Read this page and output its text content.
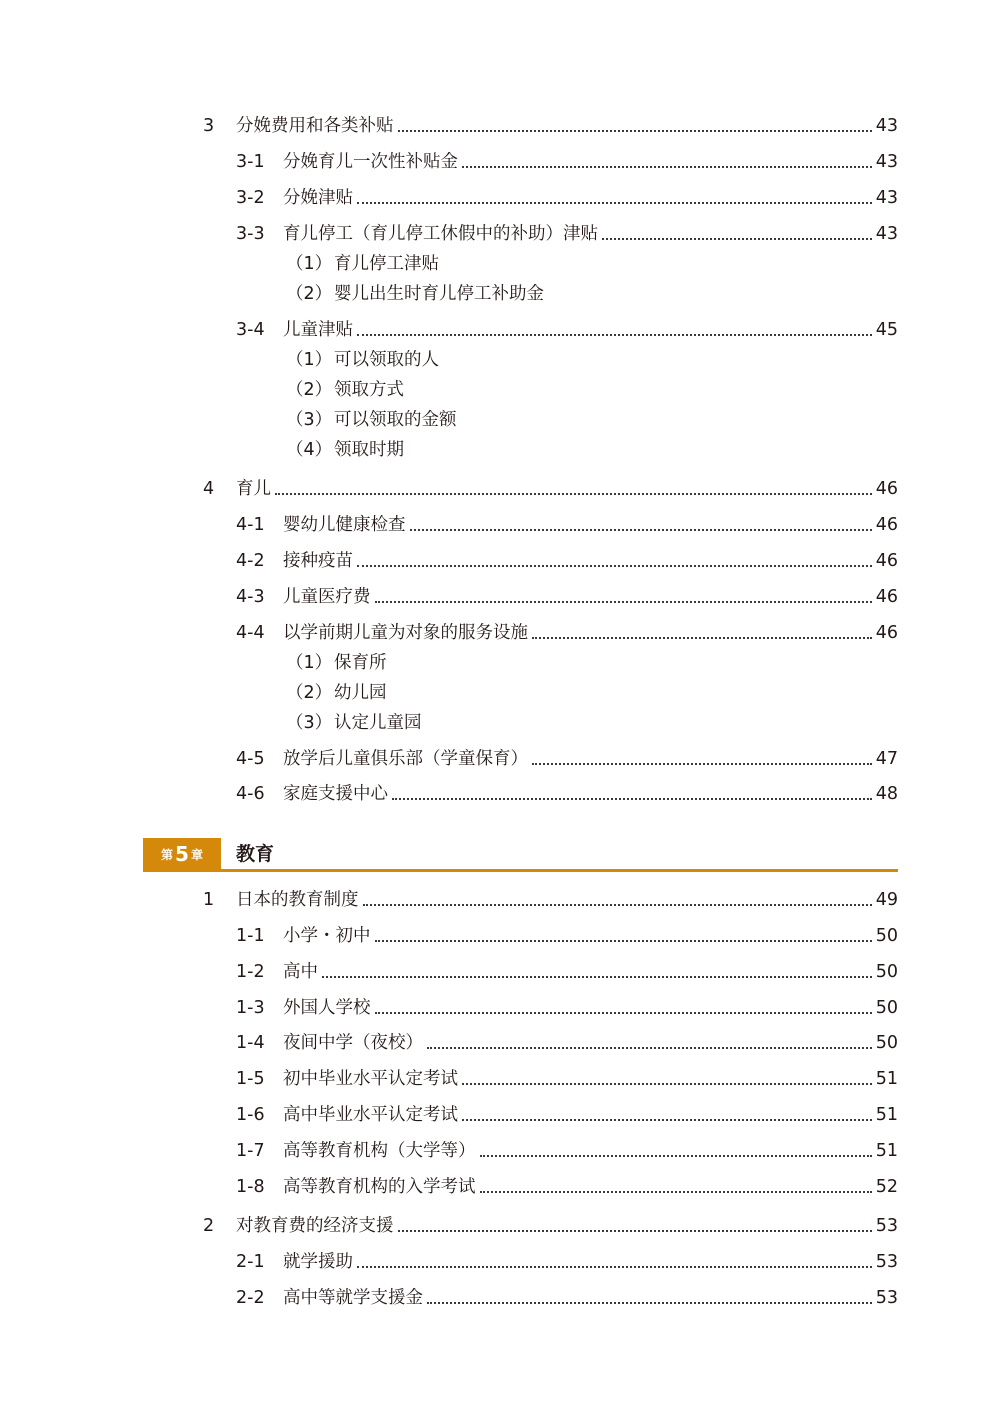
3 分娩费用和各类补贴	43
3-1 分娩育儿一次性补贴金	43
3-2 分娩津贴	43
3-3 育儿停工（育儿停工休假中的补助）津贴	43
（1） 育儿停工津贴
（2） 婴儿出生时育儿停工补助金
3-4 儿童津贴	45
（1） 可以领取的人
（2） 领取方式
（3） 可以领取的金额
（4） 领取时期
4 育儿	46
4-1 婴幼儿健康检查	46
4-2 接种疫苗	46
4-3 儿童医疗费	46
4-4 以学前期儿童为对象的服务设施	46
（1） 保育所
（2） 幼儿园
（3） 认定儿童园
4-5 放学后儿童俱乐部（学童保育）	47
4-6 家庭支援中心	48
第 5 章 教育
1 日本的教育制度	49
1-1 小学・初中	50
1-2 高中	50
1-3 外国人学校	50
1-4 夜间中学（夜校）	50
1-5 初中毕业水平认定考试	51
1-6 高中毕业水平认定考试	51
1-7 高等教育机构（大学等）	51
1-8 高等教育机构的入学考试	52
2 对教育费的经济支援	53
2-1 就学援助	53
2-2 高中等就学支援金	53
